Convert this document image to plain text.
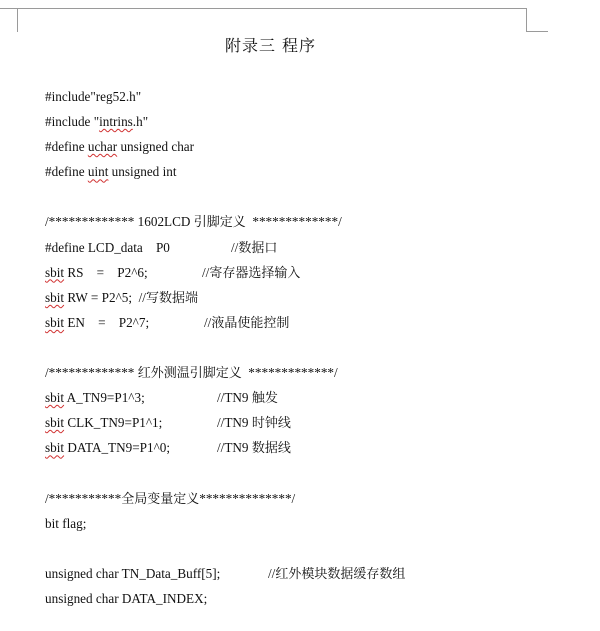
附录三 程序

#include"reg52.h"

#include "intrins.h"

#define uchar unsigned char

#define uint unsigned int

/************* 1602LCD 引脚定义  *************/

#define LCD_data    P0

	//数据口

sbit RS    =    P2^6;

	//寄存器选择输入

sbit RW = P2^5;  //写数据端

sbit EN    =    P2^7;

	//液晶使能控制

/************* 红外测温引脚定义  *************/

sbit A_TN9=P1^3;

	//TN9 触发

sbit CLK_TN9=P1^1;

	//TN9 时钟线

sbit DATA_TN9=P1^0;

	//TN9 数据线

/***********全局变量定义**************/

bit flag;

unsigned char TN_Data_Buff[5];

	//红外模块数据缓存数组

unsigned char DATA_INDEX;
